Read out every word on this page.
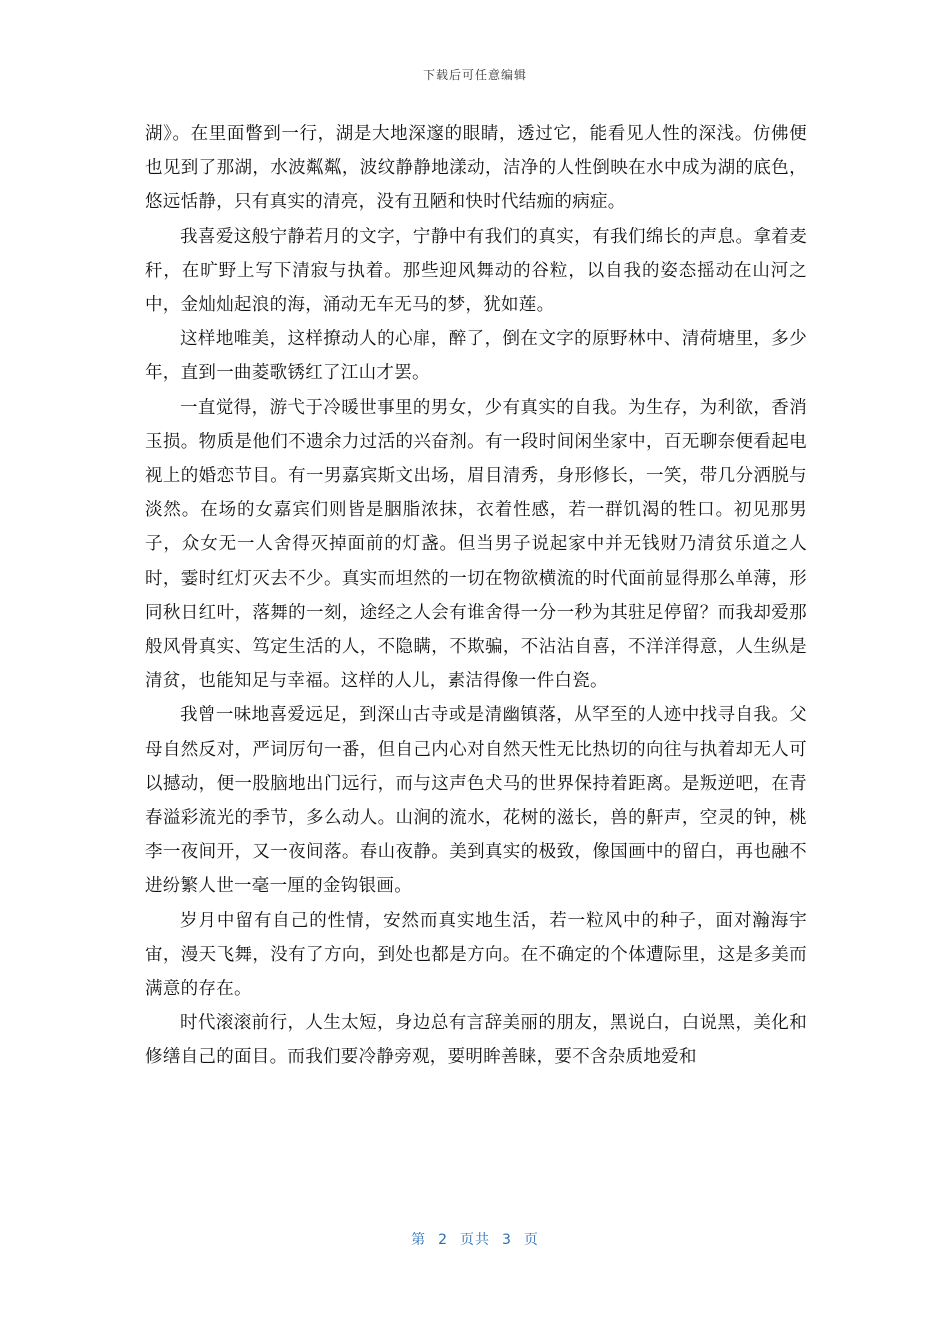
下载后可任意编辑

湖》。在里面瞥到一行，湖是大地深邃的眼睛，透过它，能看见人性的深浅。仿佛便也见到了那湖，水波粼粼，波纹静静地漾动，洁净的人性倒映在水中成为湖的底色，悠远恬静，只有真实的清亮，没有丑陋和快时代结痂的病症。

我喜爱这般宁静若月的文字，宁静中有我们的真实，有我们绵长的声息。拿着麦秆，在旷野上写下清寂与执着。那些迎风舞动的谷粒，以自我的姿态摇动在山河之中，金灿灿起浪的海，涌动无车无马的梦，犹如莲。

这样地唯美，这样撩动人的心扉，醉了，倒在文字的原野林中、清荷塘里，多少年，直到一曲菱歌锈红了江山才罢。

一直觉得，游弋于冷暖世事里的男女，少有真实的自我。为生存，为利欲，香消玉损。物质是他们不遗余力过活的兴奋剂。有一段时间闲坐家中，百无聊奈便看起电视上的婚恋节目。有一男嘉宾斯文出场，眉目清秀，身形修长，一笑，带几分洒脱与淡然。在场的女嘉宾们则皆是胭脂浓抹，衣着性感，若一群饥渴的牲口。初见那男子，众女无一人舍得灭掉面前的灯盏。但当男子说起家中并无钱财乃清贫乐道之人时，霎时红灯灭去不少。真实而坦然的一切在物欲横流的时代面前显得那么单薄，形同秋日红叶，落舞的一刻，途经之人会有谁舍得一分一秒为其驻足停留？而我却爱那般风骨真实、笃定生活的人，不隐瞒，不欺骗，不沾沾自喜，不洋洋得意，人生纵是清贫，也能知足与幸福。这样的人儿，素洁得像一件白瓷。

我曾一味地喜爱远足，到深山古寺或是清幽镇落，从罕至的人迹中找寻自我。父母自然反对，严词厉句一番，但自己内心对自然天性无比热切的向往与执着却无人可以撼动，便一股脑地出门远行，而与这声色犬马的世界保持着距离。是叛逆吧，在青春溢彩流光的季节，多么动人。山涧的流水，花树的滋长，兽的鼾声，空灵的钟，桃李一夜间开，又一夜间落。春山夜静。美到真实的极致，像国画中的留白，再也融不进纷繁人世一毫一厘的金钩银画。

岁月中留有自己的性情，安然而真实地生活，若一粒风中的种子，面对瀚海宇宙，漫天飞舞，没有了方向，到处也都是方向。在不确定的个体遭际里，这是多美而满意的存在。

时代滚滚前行，人生太短，身边总有言辞美丽的朋友，黑说白，白说黑，美化和修缮自己的面目。而我们要冷静旁观，要明眸善睐，要不含杂质地爱和

第 2 页共 3 页
